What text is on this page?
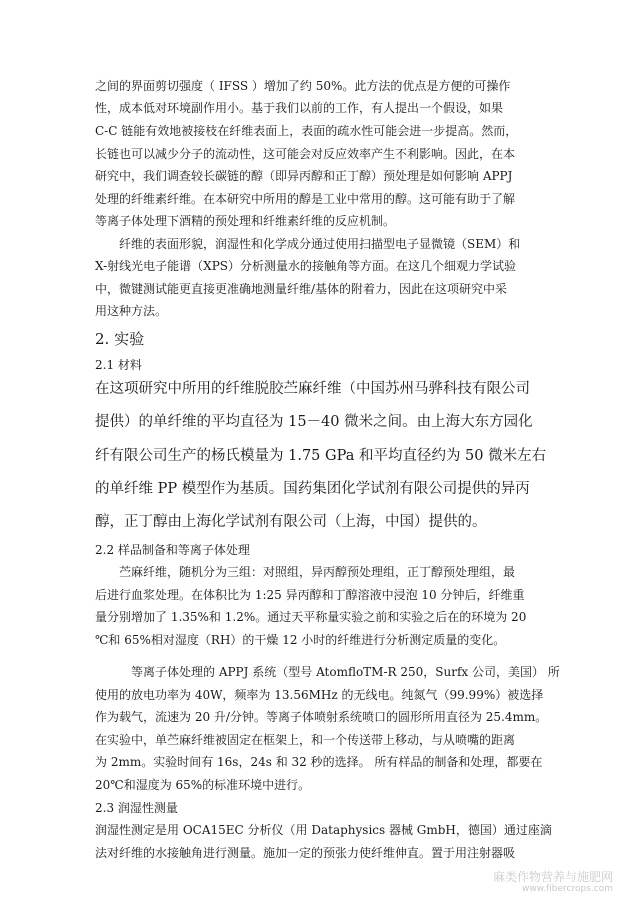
之间的界面剪切强度（ IFSS ）增加了约 50%。此方法的优点是方便的可操作
性，成本低对环境副作用小。基于我们以前的工作，有人提出一个假设，如果
C-C 链能有效地被接枝在纤维表面上，表面的疏水性可能会进一步提高。然而，
长链也可以减少分子的流动性，这可能会对反应效率产生不利影响。因此，在本
研究中，我们调查较长碳链的醇（即异丙醇和正丁醇）预处理是如何影响 APPJ
处理的纤维素纤维。在本研究中所用的醇是工业中常用的醇。这可能有助于了解
等离子体处理下酒精的预处理和纤维素纤维的反应机制。
纤维的表面形貌，润湿性和化学成分通过使用扫描型电子显微镜（SEM）和
X-射线光电子能谱（XPS）分析测量水的接触角等方面。在这几个细观力学试验
中，微键测试能更直接更准确地测量纤维/基体的附着力，因此在这项研究中采
用这种方法。
2. 实验
2.1 材料
在这项研究中所用的纤维脱胶苎麻纤维（中国苏州马骅科技有限公司
提供）的单纤维的平均直径为 15－40 微米之间。由上海大东方园化
纤有限公司生产的杨氏模量为 1.75 GPa 和平均直径约为 50 微米左右
的单纤维 PP 模型作为基质。国药集团化学试剂有限公司提供的异丙
醇，正丁醇由上海化学试剂有限公司（上海，中国）提供的。
2.2 样品制备和等离子体处理
苎麻纤维，随机分为三组：对照组，异丙醇预处理组，正丁醇预处理组，最
后进行血浆处理。在体积比为 1:25 异丙醇和丁醇溶液中浸泡 10 分钟后，纤维重
量分别增加了 1.35%和 1.2%。通过天平称量实验之前和实验之后在的环境为 20
℃和 65%相对湿度（RH）的干燥 12 小时的纤维进行分析测定质量的变化。
等离子体处理的 APPJ 系统（型号 AtomfloTM-R 250，Surfx 公司，美国） 所
使用的放电功率为 40W，频率为 13.56MHz 的无线电。纯氮气（99.99%）被选择
作为载气，流速为 20 升/分钟。等离子体喷射系统喷口的圆形所用直径为 25.4mm。
在实验中，单苎麻纤维被固定在框架上，和一个传送带上移动，与从喷嘴的距离
为 2mm。实验时间有 16s，24s 和 32 秒的选择。 所有样品的制备和处理，都要在
20℃和湿度为 65%的标准环境中进行。
2.3 润湿性测量
润湿性测定是用 OCA15EC 分析仪（用 Dataphysics 器械 GmbH，德国）通过座滴
法对纤维的水接触角进行测量。施加一定的预张力使纤维伸直。置于用注射器吸
麻类作物营养与施肥网
www.fibercrops.com
